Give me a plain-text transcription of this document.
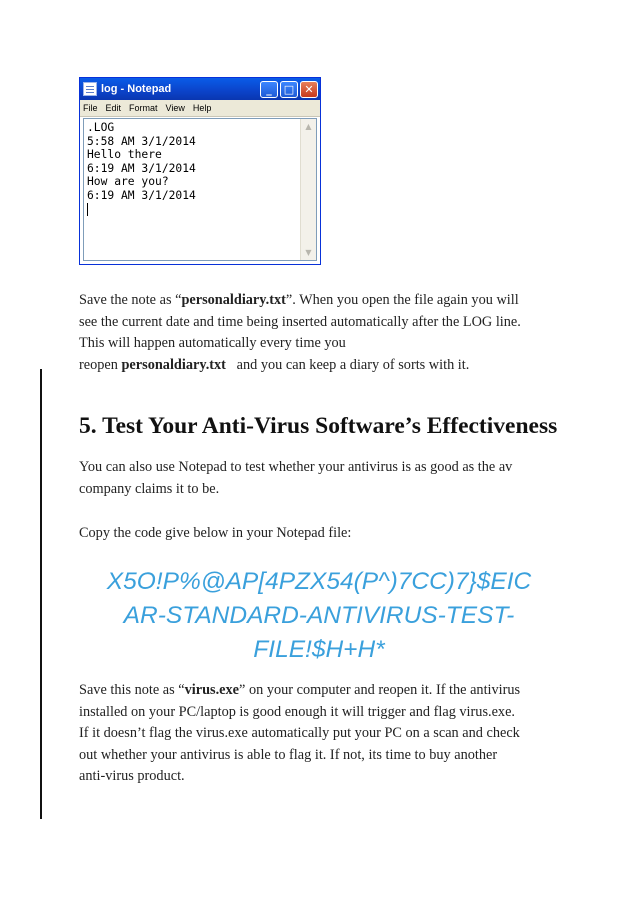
log - Notepad	_	□ ✕
File Edit Format View Help
.LOG
5:58 AM 3/1/2014
Hello there
6:19 AM 3/1/2014
How are you?
6:19 AM 3/1/2014
▲
▼

Save the note as “personaldiary.txt”. When you open the file again you will
see the current date and time being inserted automatically after the LOG line.
This will happen automatically every time you
reopen personaldiary.txt   and you can keep a diary of sorts with it.

5. Test Your Anti-Virus Software’s Effectiveness

You can also use Notepad to test whether your antivirus is as good as the av
company claims it to be.

Copy the code give below in your Notepad file:

X5O!P%@AP[4PZX54(P^)7CC)7}$EIC
AR-STANDARD-ANTIVIRUS-TEST-
FILE!$H+H*

Save this note as “virus.exe” on your computer and reopen it. If the antivirus
installed on your PC/laptop is good enough it will trigger and flag virus.exe.
If it doesn’t flag the virus.exe automatically put your PC on a scan and check
out whether your antivirus is able to flag it. If not, its time to buy another
anti-virus product.
